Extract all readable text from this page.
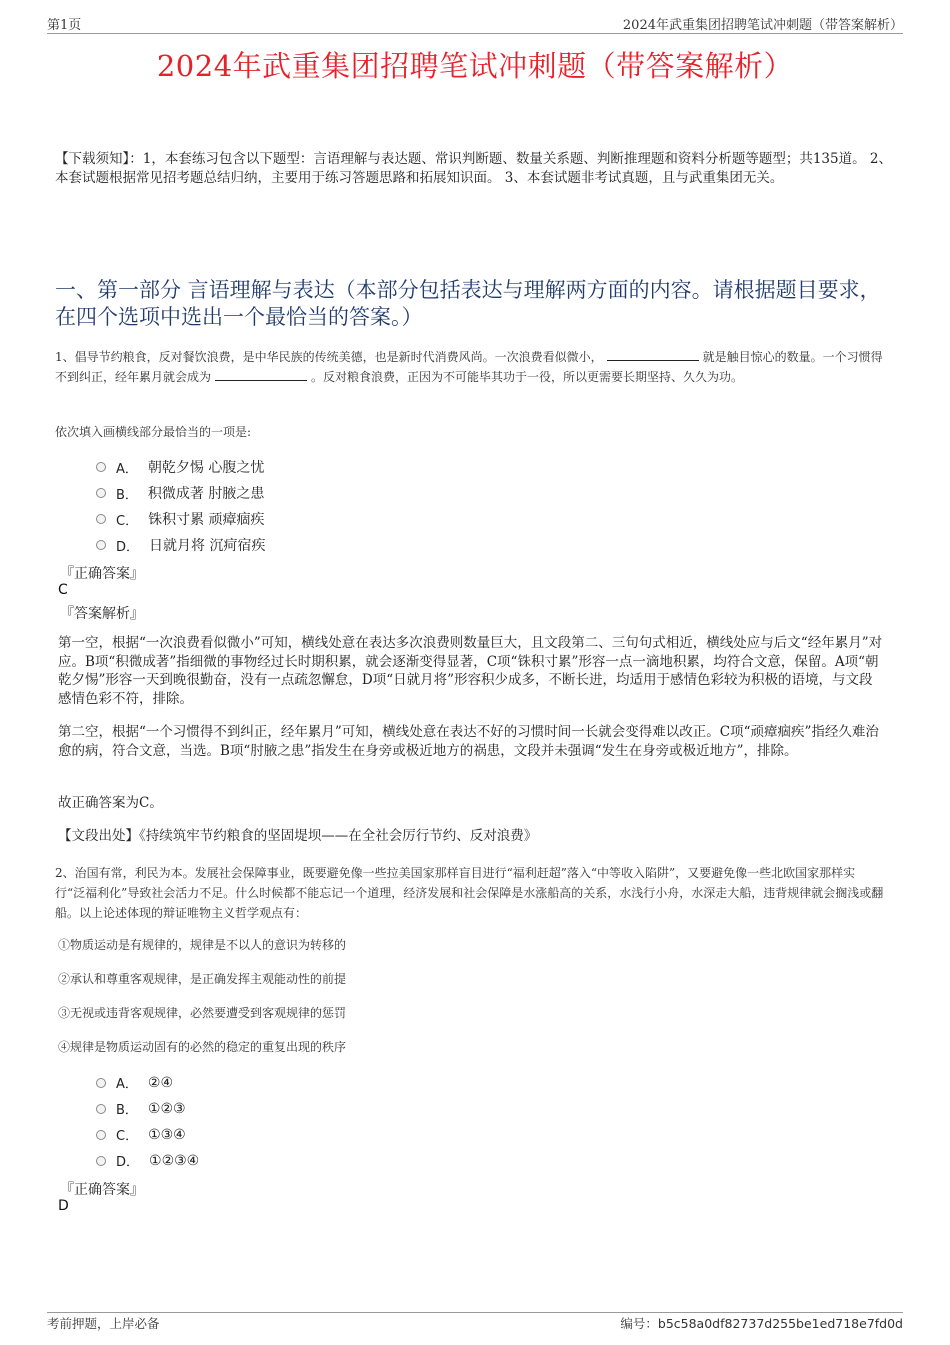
第1页	2024年武重集团招聘笔试冲刺题（带答案解析）
2024年武重集团招聘笔试冲刺题（带答案解析）
【下载须知】：1，本套练习包含以下题型：言语理解与表达题、常识判断题、数量关系题、判断推理题和资料分析题等题型；共135道。 2、本套试题根据常见招考题总结归纳，主要用于练习答题思路和拓展知识面。 3、本套试题非考试真题，且与武重集团无关。
一、第一部分 言语理解与表达（本部分包括表达与理解两方面的内容。请根据题目要求，在四个选项中选出一个最恰当的答案。）
1、倡导节约粮食，反对餐饮浪费，是中华民族的传统美德，也是新时代消费风尚。一次浪费看似微小，	就是触目惊心的数量。一个习惯得不到纠正，经年累月就会成为	。反对粮食浪费，正因为不可能毕其功于一役，所以更需要长期坚持、久久为功。
依次填入画横线部分最恰当的一项是:
A． 朝乾夕惕 心腹之忧
B． 积微成著 肘腋之患
C． 铢积寸累 顽瘴痼疾
D． 日就月将 沉疴宿疾
『正确答案』
C
『答案解析』
第一空，根据“一次浪费看似微小”可知，横线处意在表达多次浪费则数量巨大，且文段第二、三句句式相近，横线处应与后文“经年累月”对应。B项“积微成著”指细微的事物经过长时期积累，就会逐渐变得显著，C项“铢积寸累”形容一点一滴地积累，均符合文意，保留。A项“朝乾夕惕”形容一天到晚很勤奋，没有一点疏忽懈怠，D项“日就月将”形容积少成多，不断长进，均适用于感情色彩较为积极的语境，与文段感情色彩不符，排除。
第二空，根据“一个习惯得不到纠正，经年累月”可知，横线处意在表达不好的习惯时间一长就会变得难以改正。C项“顽瘴痼疾”指经久难治愈的病，符合文意，当选。B项“肘腋之患”指发生在身旁或极近地方的祸患，文段并未强调“发生在身旁或极近地方”，排除。
故正确答案为C。
【文段出处】《持续筑牢节约粮食的坚固堤坝——在全社会厉行节约、反对浪费》
2、治国有常，利民为本。发展社会保障事业，既要避免像一些拉美国家那样盲目进行“福利赶超”落入“中等收入陷阱”，又要避免像一些北欧国家那样实行“泛福利化”导致社会活力不足。什么时候都不能忘记一个道理，经济发展和社会保障是水涨船高的关系，水浅行小舟，水深走大船，违背规律就会搁浅或翻船。以上论述体现的辩证唯物主义哲学观点有：
①物质运动是有规律的，规律是不以人的意识为转移的
②承认和尊重客观规律，是正确发挥主观能动性的前提
③无视或违背客观规律，必然要遭受到客观规律的惩罚
④规律是物质运动固有的必然的稳定的重复出现的秩序
A． ②④
B． ①②③
C． ①③④
D． ①②③④
『正确答案』
D
考前押题，上岸必备	编号：b5c58a0df82737d255be1ed718e7fd0d
